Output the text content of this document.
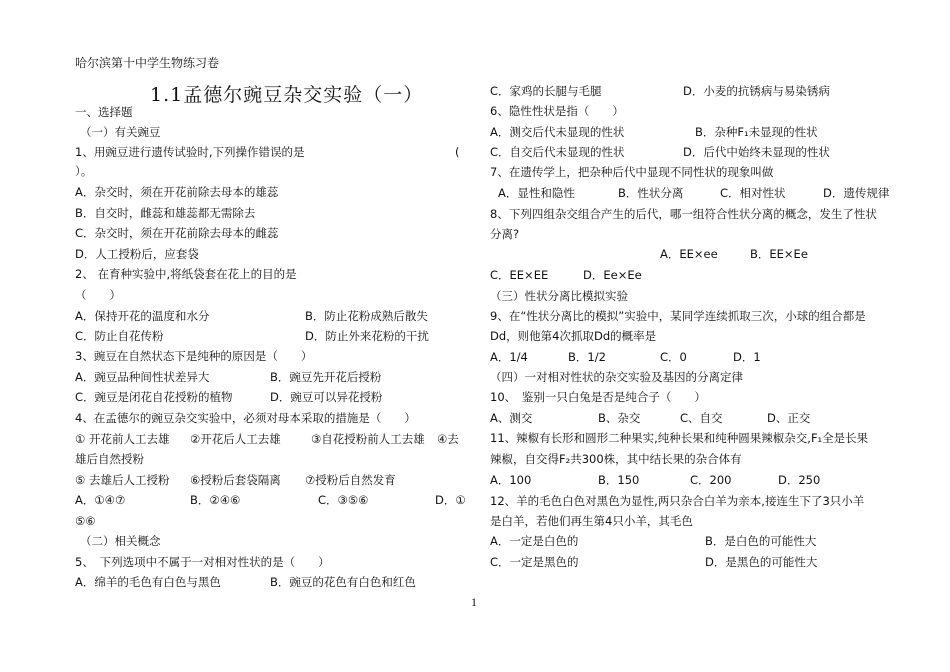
哈尔滨第十中学生物练习卷
1.1孟德尔豌豆杂交实验（一）
一、选择题
（一）有关豌豆
1、用豌豆进行遗传试验时,下列操作错误的是	(
）。
A．杂交时，须在开花前除去母本的雄蕊
B．自交时，雌蕊和雄蕊都无需除去
C．杂交时，须在开花前除去母本的雌蕊
D．人工授粉后，应套袋
2、 在育种实验中,将纸袋套在花上的目的是
（　　）
A．保持开花的温度和水分	B．防止花粉成熟后散失
C．防止自花传粉	D．防止外来花粉的干扰
3、豌豆在自然状态下是纯种的原因是（　　）
A．豌豆品种间性状差异大	B．豌豆先开花后授粉
C．豌豆是闭花自花授粉的植物	D．豌豆可以异花授粉
4、在孟德尔的豌豆杂交实验中，必须对母本采取的措施是（　　）
① 开花前人工去雄 ②开花后人工去雄	③自花授粉前人工去雄 ④去
雄后自然授粉
⑤ 去雄后人工授粉 ⑥授粉后套袋隔离 ⑦授粉后自然发育
A．①④⑦	B．②④⑥	C．③⑤⑥	D．①
⑤⑥
（二）相关概念
5、　下列选项中不属于一对相对性状的是（　　）
A．绵羊的毛色有白色与黑色	B．豌豆的花色有白色和红色
C．家鸡的长腿与毛腿	D．小麦的抗锈病与易染锈病
6、隐性性状是指（　　）
A．测交后代未显现的性状	B．杂种F₁未显现的性状
C．自交后代未显现的性状	D．后代中始终未显现的性状
7、在遗传学上，把杂种后代中显现不同性状的现象叫做
A．显性和隐性	B．性状分离	C．相对性状	D．遗传规律
8、下列四组杂交组合产生的后代，哪一组符合性状分离的概念，发生了性状
分离?
A．EE×ee	B．EE×Ee
C．EE×EE	D．Ee×Ee
（三）性状分离比模拟实验
9、在“性状分离比的模拟”实验中，某同学连续抓取三次，小球的组合都是
Dd，则他第4次抓取Dd的概率是
A．1/4	B．1/2	C．0	D．1
（四）一对相对性状的杂交实验及基因的分离定律
10、　鉴别一只白兔是否是纯合子（　　）
A、测交	B、杂交	C、自交	D、正交
11、辣椒有长形和圆形二种果实,纯种长果和纯种圆果辣椒杂交,F₁全是长果
辣椒，自交得F₂共300株，其中结长果的杂合体有
A．100	B．150	C．200	D．250
12、羊的毛色白色对黑色为显性,两只杂合白羊为亲本,接连生下了3只小羊
是白羊，若他们再生第4只小羊，其毛色
A．一定是白色的	B．是白色的可能性大
C．一定是黑色的	D．是黑色的可能性大
1
